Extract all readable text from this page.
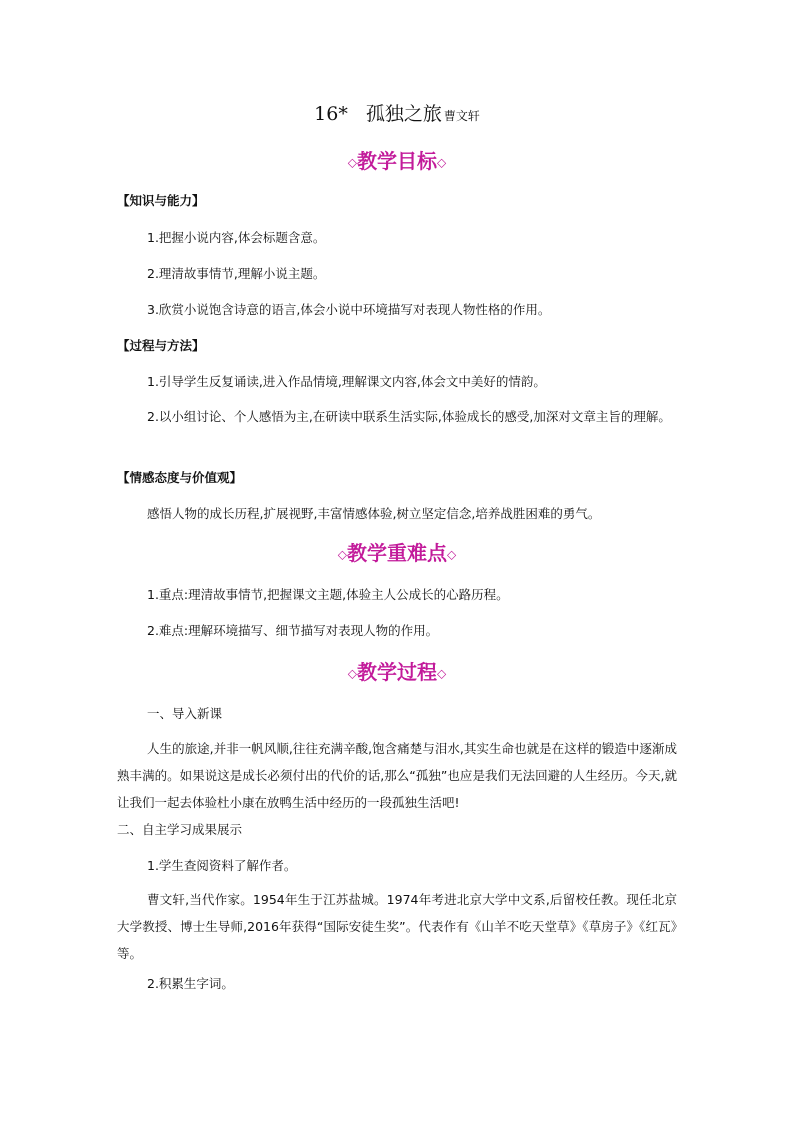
16* 孤独之旅 曹文轩
◇教学目标◇
【知识与能力】
1.把握小说内容,体会标题含意。
2.理清故事情节,理解小说主题。
3.欣赏小说饱含诗意的语言,体会小说中环境描写对表现人物性格的作用。
【过程与方法】
1.引导学生反复诵读,进入作品情境,理解课文内容,体会文中美好的情韵。
2.以小组讨论、个人感悟为主,在研读中联系生活实际,体验成长的感受,加深对文章主旨的理解。
【情感态度与价值观】
感悟人物的成长历程,扩展视野,丰富情感体验,树立坚定信念,培养战胜困难的勇气。
◇教学重难点◇
1.重点:理清故事情节,把握课文主题,体验主人公成长的心路历程。
2.难点:理解环境描写、细节描写对表现人物的作用。
◇教学过程◇
一、导入新课
人生的旅途,并非一帆风顺,往往充满辛酸,饱含痛楚与泪水,其实生命也就是在这样的锻造中逐渐成熟丰满的。如果说这是成长必须付出的代价的话,那么“孤独”也应是我们无法回避的人生经历。今天,就让我们一起去体验杜小康在放鸭生活中经历的一段孤独生活吧!
二、自主学习成果展示
1.学生查阅资料了解作者。
曹文轩,当代作家。1954年生于江苏盐城。1974年考进北京大学中文系,后留校任教。现任北京大学教授、博士生导师,2016年获得“国际安徒生奖”。代表作有《山羊不吃天堂草》《草房子》《红瓦》等。
2.积累生字词。
